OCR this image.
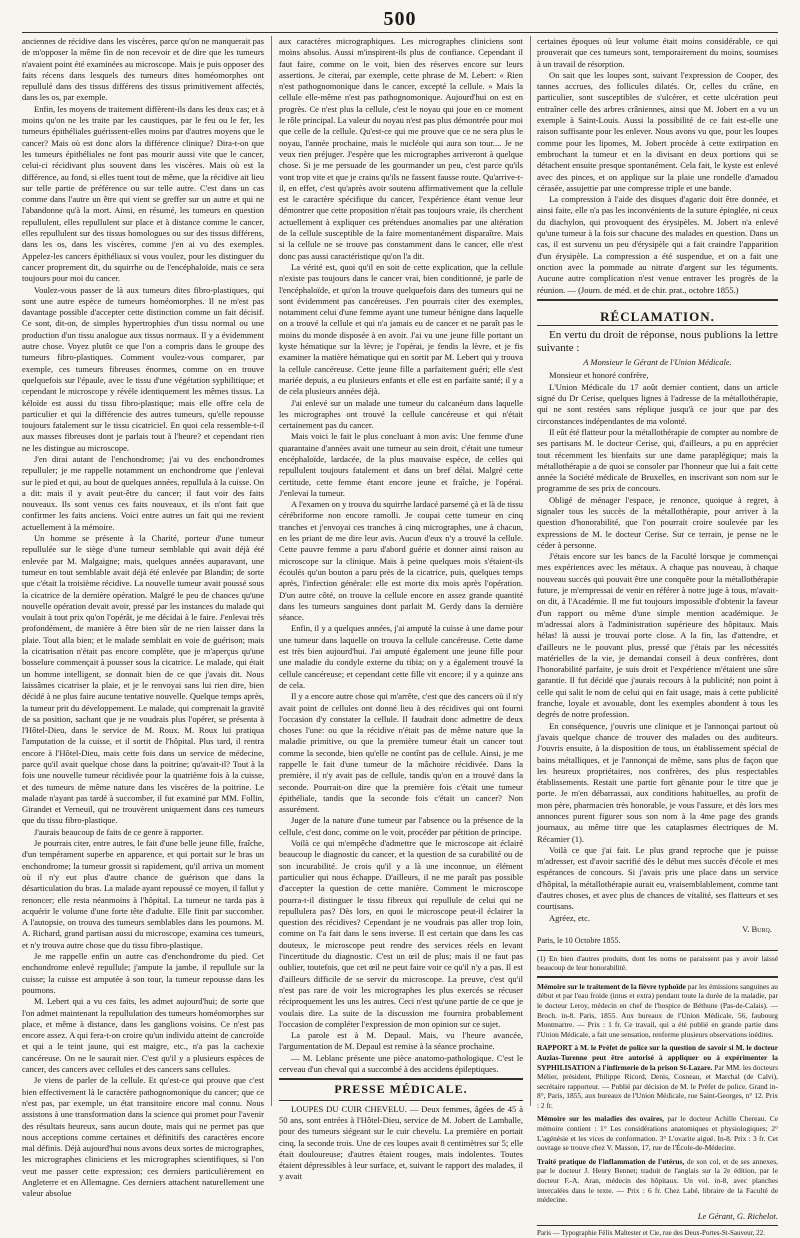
500

anciennes de récidive dans les viscères, parce qu'on ne manquerait pas de m'opposer la même fin de non recevoir et de dire que les tumeurs n'avaient point été examinées au microscope. Mais je puis opposer des faits récens dans lesquels des tumeurs dites homéomorphes ont repullulé dans des tissus différens des tissus primitivement affectés, dans les os, par exemple.

Enfin, les moyens de traitement diffèrent-ils dans les deux cas; et à moins qu'on ne les traite par les caustiques, par le feu ou le fer, les tumeurs épithéliales guérissent-elles moins par d'autres moyens que le cancer? Mais où est donc alors la différence clinique? Dira-t-on que les tumeurs épithéliales ne font pas mourir aussi vite que le cancer, celui-ci récidivant plus souvent dans les viscères. Mais où est la différence, au fond, si elles tuent tout de même, que la récidive ait lieu sur telle partie de préférence ou sur telle autre. C'est dans un cas comme dans l'autre un être qui vient se greffer sur un autre et qui ne l'abandonne qu'à la mort. Ainsi, en résumé, les tumeurs en question repullulent, elles repullulent sur place et à distance comme le cancer, elles repullulent sur des tissus homologues ou sur des tissus différens, dans les os, dans les viscères, comme j'en ai vu des exemples. Appelez-les cancers épithéliaux si vous voulez, pour les distinguer du cancer proprement dit, du squirrhe ou de l'encéphaloïde, mais ce sera toujours pour moi du cancer.

Voulez-vous passer de là aux tumeurs dites fibro-plastiques, qui sont une autre espèce de tumeurs homéomorphes. Il ne m'est pas davantage possible d'accepter cette distinction comme un fait décisif. Ce sont, dit-on, de simples hypertrophies d'un tissu normal ou une production d'un tissu analogue aux tissus normaux. Il y a évidemment autre chose. Voyez plutôt ce que l'on a compris dans le groupe des tumeurs fibro-plastiques. Comment voulez-vous comparer, par exemple, ces tumeurs fibreuses énormes, comme on en trouve quelquefois sur l'épaule, avec le tissu d'une végétation syphilitique; et cependant le microscope y révèle identiquement les mêmes tissus. La kéloïde est aussi du tissu fibro-plastique; mais elle offre cela de particulier et qui la différencie des autres tumeurs, qu'elle repousse toujours fatalement sur le tissu cicatriciel. En quoi cela ressemble-t-il aux masses fibreuses dont je parlais tout à l'heure? et cependant rien ne les distingue au microscope.

J'en dirai autant de l'enchondrome; j'ai vu des enchondromes repulluler; je me rappelle notamment un enchondrome que j'enlevai sur le pied et qui, au bout de quelques années, repullula à la cuisse. On a dit: mais il y avait peut-être du cancer; il faut voir des faits nouveaux. Ils sont venus ces faits nouveaux, et ils n'ont fait que confirmer les faits anciens. Voici entre autres un fait qui me revient actuellement à la mémoire.

Un homme se présente à la Charité, porteur d'une tumeur repullulée sur le siège d'une tumeur semblable qui avait déjà été enlevée par M. Malgaigne; mais, quelques années auparavant, une tumeur en tout semblable avait déjà été enlevée par Blandin; de sorte que c'était la troisième récidive. La nouvelle tumeur avait poussé sous la cicatrice de la dernière opération. Malgré le peu de chances qu'une nouvelle opération devait avoir, pressé par les instances du malade qui voulait à tout prix qu'on l'opérât, je me décidai à le faire. J'enlevai très profondément, de manière à être bien sûr de ne rien laisser dans la plaie. Tout alla bien; et le malade semblait en voie de guérison; mais la cicatrisation n'était pas encore complète, que je m'aperçus qu'une bosselure commençait à pousser sous la cicatrice. Le malade, qui était un homme intelligent, se donnait bien de ce que j'avais dit. Nous laissâmes cicatriser la plaie, et je le renvoyai sans lui rien dire, bien décidé à ne plus faire aucune tentative nouvelle. Quelque temps après, la tumeur prit du développement. Le malade, qui comprenait la gravité de sa position, sachant que je ne voudrais plus l'opérer, se présenta à l'Hôtel-Dieu, dans le service de M. Roux. M. Roux lui pratiqua l'amputation de la cuisse, et il sortit de l'hôpital. Plus tard, il rentra encore à l'Hôtel-Dieu, mais cette fois dans un service de médecine, parce qu'il avait quelque chose dans la poitrine; qu'avait-il? Tout à la fois une nouvelle tumeur récidivée pour la quatrième fois à la cuisse, et des tumeurs de même nature dans les viscères de la poitrine. Le malade n'ayant pas tardé à succomber, il fut examiné par MM. Follin, Girandet et Verneuil, qui ne trouvèrent uniquement dans ces tumeurs que du tissu fibro-plastique.

J'aurais beaucoup de faits de ce genre à rapporter.

Je pourrais citer, entre autres, le fait d'une belle jeune fille, fraîche, d'un tempérament superbe en apparence, et qui portait sur le bras un enchondrome; la tumeur grossit si rapidement, qu'il arriva un moment où il n'y eut plus d'autre chance de guérison que dans la désarticulation du bras. La malade ayant repoussé ce moyen, il fallut y renoncer; elle resta néanmoins à l'hôpital. La tumeur ne tarda pas à acquérir le volume d'une forte tête d'adulte. Elle finit par succomber. A l'autopsie, on trouva des tumeurs semblables dans les poumons. M. A. Richard, grand partisan aussi du microscope, examina ces tumeurs, et n'y trouva autre chose que du tissu fibro-plastique.

Je me rappelle enfin un autre cas d'enchondrome du pied. Cet enchondrome enlevé repullule; j'ampute la jambe, il repullule sur la cuisse; la cuisse est amputée à son tour, la tumeur repousse dans les poumons.

M. Lebert qui a vu ces faits, les admet aujourd'hui; de sorte que l'on admet maintenant la repullulation des tumeurs homéomorphes sur place, et même à distance, dans les ganglions voisins. Ce n'est pas encore assez. A qui fera-t-on croire qu'un individu atteint de cancroïde et qui a le teint jaune, qui est maigre, etc., n'a pas la cachexie cancéreuse. On ne le saurait nier. C'est qu'il y a plusieurs espèces de cancer, des cancers avec cellules et des cancers sans cellules.

Je viens de parler de la cellule. Et qu'est-ce qui prouve que c'est bien effectivement là le caractère pathognomonique du cancer; que ce n'est pas, par exemple, un état transitoire encore mal connu. Nous assistons à une transformation dans la science qui promet pour l'avenir des résultats heureux, sans aucun doute, mais qui ne permet pas que nous acceptions comme certaines et définitifs des caractères encore mal définis. Déjà aujourd'hui nous avons deux sortes de micrographes, les micrographes cliniciens et les micrographes scientifiques, si l'on veut me passer cette expression; ces derniers particulièrement en Angleterre et en Allemagne. Ces derniers attachent naturellement une valeur absolue

aux caractères micrographiques. Les micrographes cliniciens sont moins absolus. Aussi m'inspirent-ils plus de confiance. Cependant il faut faire, comme on le voit, bien des réserves encore sur leurs assertions. Je citerai, par exemple, cette phrase de M. Lebert: « Rien n'est pathognomonique dans le cancer, excepté la cellule. » Mais la cellule elle-même n'est pas pathognomonique. Aujourd'hui on est en progrès. Ce n'est plus la cellule, c'est le noyau qui joue en ce moment le rôle principal. La valeur du noyau n'est pas plus démontrée pour moi que celle de la cellule. Qu'est-ce qui me prouve que ce ne sera plus le noyau, l'année prochaine, mais le nucléole qui aura son tour.... Je ne veux rien préjuger. J'espère que les micrographes arriveront à quelque chose. Si je me persuade de les gourmander un peu, c'est parce qu'ils vont trop vite et que je crains qu'ils ne fassent fausse route. Qu'arrive-t-il, en effet, c'est qu'après avoir soutenu affirmativement que la cellule est le caractère spécifique du cancer, l'expérience étant venue leur démontrer que cette proposition n'était pas toujours vraie, ils cherchent actuellement à expliquer ces prétendues anomalies par une altération de la cellule susceptible de la faire momentanément disparaître. Mais si la cellule ne se trouve pas constamment dans le cancer, elle n'est donc pas aussi caractéristique qu'on l'a dit.

La vérité est, quoi qu'il en soit de cette explication, que la cellule n'existe pas toujours dans le cancer vrai, bien conditionné, je parle de l'encéphaloïde, et qu'on la trouve quelquefois dans des tumeurs qui ne sont évidemment pas cancéreuses. J'en pourrais citer des exemples, notamment celui d'une femme ayant une tumeur bénigne dans laquelle on a trouvé la cellule et qui n'a jamais eu de cancer et ne paraît pas le moins du monde disposée à en avoir. J'ai vu une jeune fille portant un kyste hématique sur la lèvre; je l'opérai, je fendis la lèvre, et je fis examiner la matière hématique qui en sortit par M. Lebert qui y trouva la cellule cancéreuse. Cette jeune fille a parfaitement guéri; elle s'est mariée depuis, a eu plusieurs enfants et elle est en parfaite santé; il y a de cela plusieurs années déjà.

J'ai enlevé sur un malade une tumeur du calcanéum dans laquelle les micrographes ont trouvé la cellule cancéreuse et qui n'était certainement pas du cancer.

Mais voici le fait le plus concluant à mon avis: Une femme d'une quarantaine d'années avait une tumeur au sein droit, c'était une tumeur encéphaloïde, lardacée, de la plus mauvaise espèce, de celles qui repullulent toujours fatalement et dans un bref délai. Malgré cette certitude, cette femme étant encore jeune et fraîche, je l'opérai. J'enlevai la tumeur.

A l'examen on y trouva du squirrhe lardacé parsemé çà et là de tissu cérébriforme non encore ramolli. Je coupai cette tumeur en cinq tranches et j'envoyai ces tranches à cinq micrographes, une à chacun, en les priant de me dire leur avis. Aucun d'eux n'y a trouvé la cellule. Cette pauvre femme a paru d'abord guérie et donner ainsi raison au microscope sur la clinique. Mais à peine quelques mois s'étaient-ils écoulés qu'un bouton a paru près de la cicatrice, puis, quelques temps après, l'infection générale: elle est morte dix mois après l'opération. D'un autre côté, on trouve la cellule encore en assez grande quantité dans les tumeurs sanguines dont parlait M. Gerdy dans la dernière séance.

Enfin, il y a quelques années, j'ai amputé la cuisse à une dame pour une tumeur dans laquelle on trouva la cellule cancéreuse. Cette dame est très bien aujourd'hui. J'ai amputé également une jeune fille pour une maladie du condyle externe du tibia; on y a également trouvé la cellule cancéreuse; et cependant cette fille vit encore; il y a quinze ans de cela.

Il y a encore autre chose qui m'arrête, c'est que des cancers où il n'y avait point de cellules ont donné lieu à des récidives qui ont fourni l'occasion d'y constater la cellule. Il faudrait donc admettre de deux choses l'une: ou que la récidive n'était pas de même nature que la maladie primitive, ou que la première tumeur était un cancer tout comme la seconde, bien qu'elle ne contînt pas de cellule. Ainsi, je me rappelle le fait d'une tumeur de la mâchoire récidivée. Dans la première, il n'y avait pas de cellule, tandis qu'on en a trouvé dans la seconde. Pourrait-on dire que la première fois c'était une tumeur épithéliale, tandis que la seconde fois c'était un cancer? Non assurément.

Juger de la nature d'une tumeur par l'absence ou la présence de la cellule, c'est donc, comme on le voit, procéder par pétition de principe.

Voilà ce qui m'empêche d'admettre que le microscope ait éclairé beaucoup le diagnostic du cancer, et la question de sa curabilité ou de son incurabilité. Je crois qu'il y a là une inconnue, un élément particulier qui nous échappe. D'ailleurs, il ne me paraît pas possible d'accepter la question de cette manière. Comment le microscope pourra-t-il distinguer le tissu fibreux qui repullule de celui qui ne repullulera pas? Dès lors, en quoi le microscope peut-il éclairer la question des récidives? Cependant je ne voudrais pas aller trop loin, comme on l'a fait dans le sens inverse. Il est certain que dans les cas douteux, le microscope peut rendre des services réels en levant l'incertitude du diagnostic. C'est un œil de plus; mais il ne faut pas oublier, toutefois, que cet œil ne peut faire voir ce qu'il n'y a pas. Il est d'ailleurs difficile de se servir du microscope. La preuve, c'est qu'il n'est pas rare de voir les micrographes les plus exercés se récuser réciproquement les uns les autres. Ceci n'est qu'une partie de ce que je voulais dire. La suite de la discussion me fournira probablement l'occasion de compléter l'expression de mon opinion sur ce sujet.

La parole est à M. Depaul. Mais, vu l'heure avancée, l'argumentation de M. Depaul est remise à la séance prochaine.

— M. Leblanc présente une pièce anatomo-pathologique. C'est le cerveau d'un cheval qui a succombé à des accidens épileptiques.

PRESSE MÉDICALE.

LOUPES DU CUIR CHEVELU. — Deux femmes, âgées de 45 à 50 ans, sont entrées à l'Hôtel-Dieu, service de M. Jobert de Lamballe, pour des tumeurs siégeant sur le cuir chevelu. La première en portait cinq, la seconde trois. Une de ces loupes avait 8 centimètres sur 5; elle était douloureuse; d'autres étaient rouges, mais indolentes. Toutes étaient dépressibles à leur surface, et, suivant le rapport des malades, il y avait

certaines époques où leur volume était moins considérable, ce qui prouverait que ces tumeurs sont, temporairement du moins, soumises à un travail de résorption.

On sait que les loupes sont, suivant l'expression de Cooper, des tannes accrues, des follicules dilatés. Or, celles du crâne, en particulier, sont susceptibles de s'ulcérer, et cette ulcération peut entraîner celle des arbres crâniennes, ainsi que M. Jobert en a vu un exemple à Saint-Louis. Aussi la possibilité de ce fait est-elle une raison suffisante pour les enlever. Nous avons vu que, pour les loupes comme pour les lipomes, M. Jobert procède à cette extirpation en embrochant la tumeur et en la divisant en deux portions qui se détachent ensuite presque spontanément. Cela fait, le kyste est enlevé avec des pinces, et on applique sur la plaie une rondelle d'amadou cérasée, assujettie par une compresse triple et une bande.

La compression à l'aide des disques d'agaric doit être donnée, et ainsi faite, elle n'a pas les inconvénients de la suture épinglée, ni ceux du diachylon, qui provoquent des érysipèles. M. Jobert n'a enlevé qu'une tumeur à la fois sur chacune des malades en question. Dans un cas, il est survenu un peu d'érysipèle qui a fait craindre l'apparition d'un érysipèle. La compression a été suspendue, et on a fait une onction avec la pommade au nitrate d'argent sur les téguments. Aucune autre complication n'est venue entraver les progrès de la réunion. — (Journ. de méd. et de chir. prat., octobre 1855.)

RÉCLAMATION.

En vertu du droit de réponse, nous publions la lettre suivante :

A Monsieur le Gérant de l'Union Médicale.

Monsieur et honoré confrère,

L'Union Médicale du 17 août dernier contient, dans un article signé du Dr Cerise, quelques lignes à l'adresse de la métallothérapie, qui ne sont restées sans réplique jusqu'à ce jour que par des circonstances indépendantes de ma volonté.

Il eût été flatteur pour la métallothérapie de compter au nombre de ses partisans M. le docteur Cerise, qui, d'ailleurs, a pu en apprécier tout récemment les bienfaits sur une dame paraplégique; mais la métallothérapie a de quoi se consoler par l'honneur que lui a fait cette année la Société médicale de Bruxelles, en inscrivant son nom sur le programme de ses prix de concours.

Obligé de ménager l'espace, je renonce, quoique à regret, à signaler tous les succès de la métallothérapie, pour arriver à la question d'honorabilité, que l'on pourrait croire soulevée par les expressions de M. le docteur Cerise. Sur ce terrain, je pense ne le céder à personne.

J'étais encore sur les bancs de la Faculté lorsque je commençai mes expériences avec les métaux. A chaque pas nouveau, à chaque nouveau succès qui pouvait être une conquête pour la métallothérapie future, je m'empressai de venir en référer à notre juge à tous, m'avait-on dit, à l'Académie. Il me fut toujours impossible d'obtenir la faveur d'un rapport ou même d'une simple mention académique. Je m'adressai alors à l'administration supérieure des hôpitaux. Mais hélas! là aussi je trouvai porte close. A la fin, las d'attendre, et d'ailleurs ne le pouvant plus, pressé que j'étais par les nécessités matérielles de la vie, je demandai conseil à deux confrères, dont l'honorabilité parfaite, je suis droit et l'expérience m'étaient une sûre garantie. Il fut décidé que j'aurais recours à la publicité; non point à celle qui salit le nom de celui qui en fait usage, mais à cette publicité franche, loyale et avouable, dont les exemples abondent à tous les degrés de notre profession.

En conséquence, j'ouvris une clinique et je l'annonçai partout où j'avais quelque chance de trouver des malades ou des auditeurs. J'ouvris ensuite, à la disposition de tous, un établissement spécial de bains métalliques, et je l'annonçai de même, sans plus de façon que les heureux propriétaires, nos confrères, des plus respectables établissements. Restait une partie fort gênante pour le titre que je porte. Je m'en débarrassai, aux conditions habituelles, au profit de mon père, pharmacien très honorable, je vous l'assure, et dès lors mes annonces purent figurer sous son nom à la 4me page des grands journaux, au même titre que les cataplasmes électriques de M. Récamier (1).

Voilà ce que j'ai fait. Le plus grand reproche que je puisse m'adresser, est d'avoir sacrifié dès le début mes succès d'école et mes espérances de concours. Si j'avais pris une place dans un service d'hôpital, la métallothérapie aurait eu, vraisemblablement, comme tant d'autres choses, et avec plus de chances de vitalité, ses flatteurs et ses courtisans.

Agréez, etc.

V. Burq.
Paris, le 10 Octobre 1855.

(1) En bien d'autres produits, dont les noms ne paraissent pas y avoir laissé beaucoup de leur honorabilité.

Mémoire sur le traitement de la fièvre typhoïde par les émissions sanguines au début et par l'eau froide (intus et extra) pendant toute la durée de la maladie, par le docteur Leroy, médecin en chef de l'hospice de Béthune (Pas-de-Calais). — Broch. in-8. Paris, 1855. Aux bureaux de l'Union Médicale, 56, faubourg Montmartre. — Prix : 1 fr. Ce travail, qui a été publié en grande partie dans l'Union Médicale, a fait une sensation, renferme plusieurs observations inédites.
RAPPORT à M. le Préfet de police sur la question de savoir si M. le docteur Auzias-Turenne peut être autorisé à appliquer ou à expérimenter la SYPHILISATION à l'infirmerie de la prison St-Lazare. Par MM. les docteurs Mélier, président, Philippe Ricord, Denis, Cosneau, et Marchal (de Calvi), secrétaire rapporteur. — Publié par décision de M. le Préfet de police. Grand in-8°, Paris, 1855, aux bureaux de l'Union Médicale, rue Saint-Georges, n° 12. Prix : 2 fr.
Mémoire sur les maladies des ovaires, par le docteur Achille Chereau. Ce mémoire contient : 1° Les considérations anatomiques et physiologiques; 2° L'agénésie et les vices de conformation. 3° L'ovarite aiguë. In-8. Prix : 3 fr. Cet ouvrage se trouve chez V. Masson, 17, rue de l'École-de-Médecine.
Traité pratique de l'inflammation de l'utérus, de son col, et de ses annexes, par le docteur J. Henry Bennet; traduit de l'anglais sur la 2e édition, par le docteur F.-A. Aran, médecin des hôpitaux. Un vol. in-8, avec planches intercalées dans le texte. — Prix : 6 fr. Chez Labé, libraire de la Faculté de médecine.
Le Gérant, G. Richelot.
Paris — Typographie Félix Maltester et Cie, rue des Deux-Portes-St-Sauveur, 22.
